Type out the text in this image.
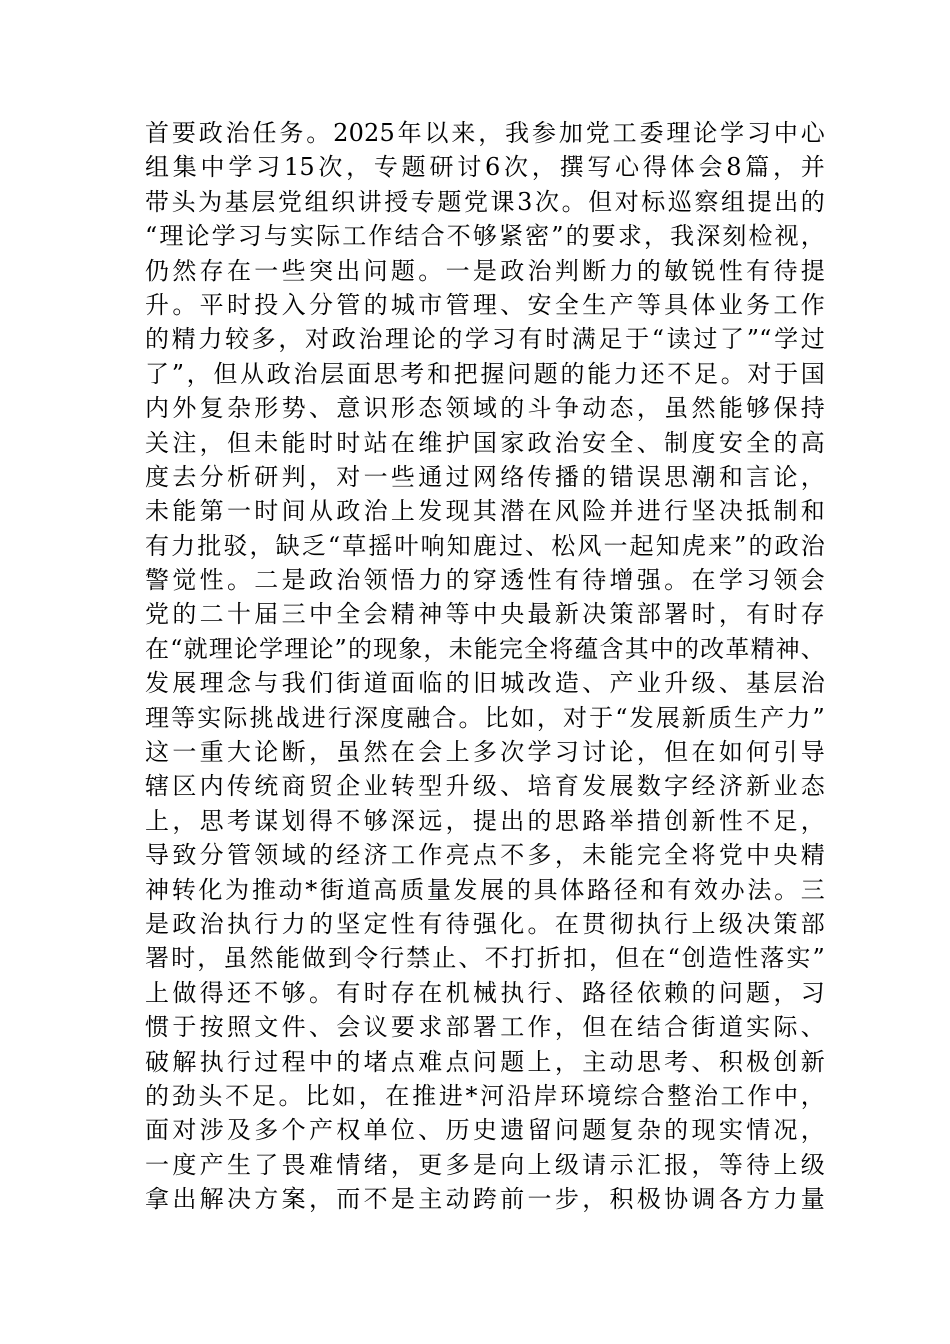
首要政治任务。2025年以来，我参加党工委理论学习中心
组集中学习15次，专题研讨6次，撰写心得体会8篇，并
带头为基层党组织讲授专题党课3次。但对标巡察组提出的
“理论学习与实际工作结合不够紧密”的要求，我深刻检视，
仍然存在一些突出问题。一是政治判断力的敏锐性有待提
升。平时投入分管的城市管理、安全生产等具体业务工作
的精力较多，对政治理论的学习有时满足于“读过了”“学过
了”，但从政治层面思考和把握问题的能力还不足。对于国
内外复杂形势、意识形态领域的斗争动态，虽然能够保持
关注，但未能时时站在维护国家政治安全、制度安全的高
度去分析研判，对一些通过网络传播的错误思潮和言论，
未能第一时间从政治上发现其潜在风险并进行坚决抵制和
有力批驳，缺乏“草摇叶响知鹿过、松风一起知虎来”的政治
警觉性。二是政治领悟力的穿透性有待增强。在学习领会
党的二十届三中全会精神等中央最新决策部署时，有时存
在“就理论学理论”的现象，未能完全将蕴含其中的改革精神、
发展理念与我们街道面临的旧城改造、产业升级、基层治
理等实际挑战进行深度融合。比如，对于“发展新质生产力”
这一重大论断，虽然在会上多次学习讨论，但在如何引导
辖区内传统商贸企业转型升级、培育发展数字经济新业态
上，思考谋划得不够深远，提出的思路举措创新性不足，
导致分管领域的经济工作亮点不多，未能完全将党中央精
神转化为推动*街道高质量发展的具体路径和有效办法。三
是政治执行力的坚定性有待强化。在贯彻执行上级决策部
署时，虽然能做到令行禁止、不打折扣，但在“创造性落实”
上做得还不够。有时存在机械执行、路径依赖的问题，习
惯于按照文件、会议要求部署工作，但在结合街道实际、
破解执行过程中的堵点难点问题上，主动思考、积极创新
的劲头不足。比如，在推进*河沿岸环境综合整治工作中，
面对涉及多个产权单位、历史遗留问题复杂的现实情况，
一度产生了畏难情绪，更多是向上级请示汇报，等待上级
拿出解决方案，而不是主动跨前一步，积极协调各方力量
